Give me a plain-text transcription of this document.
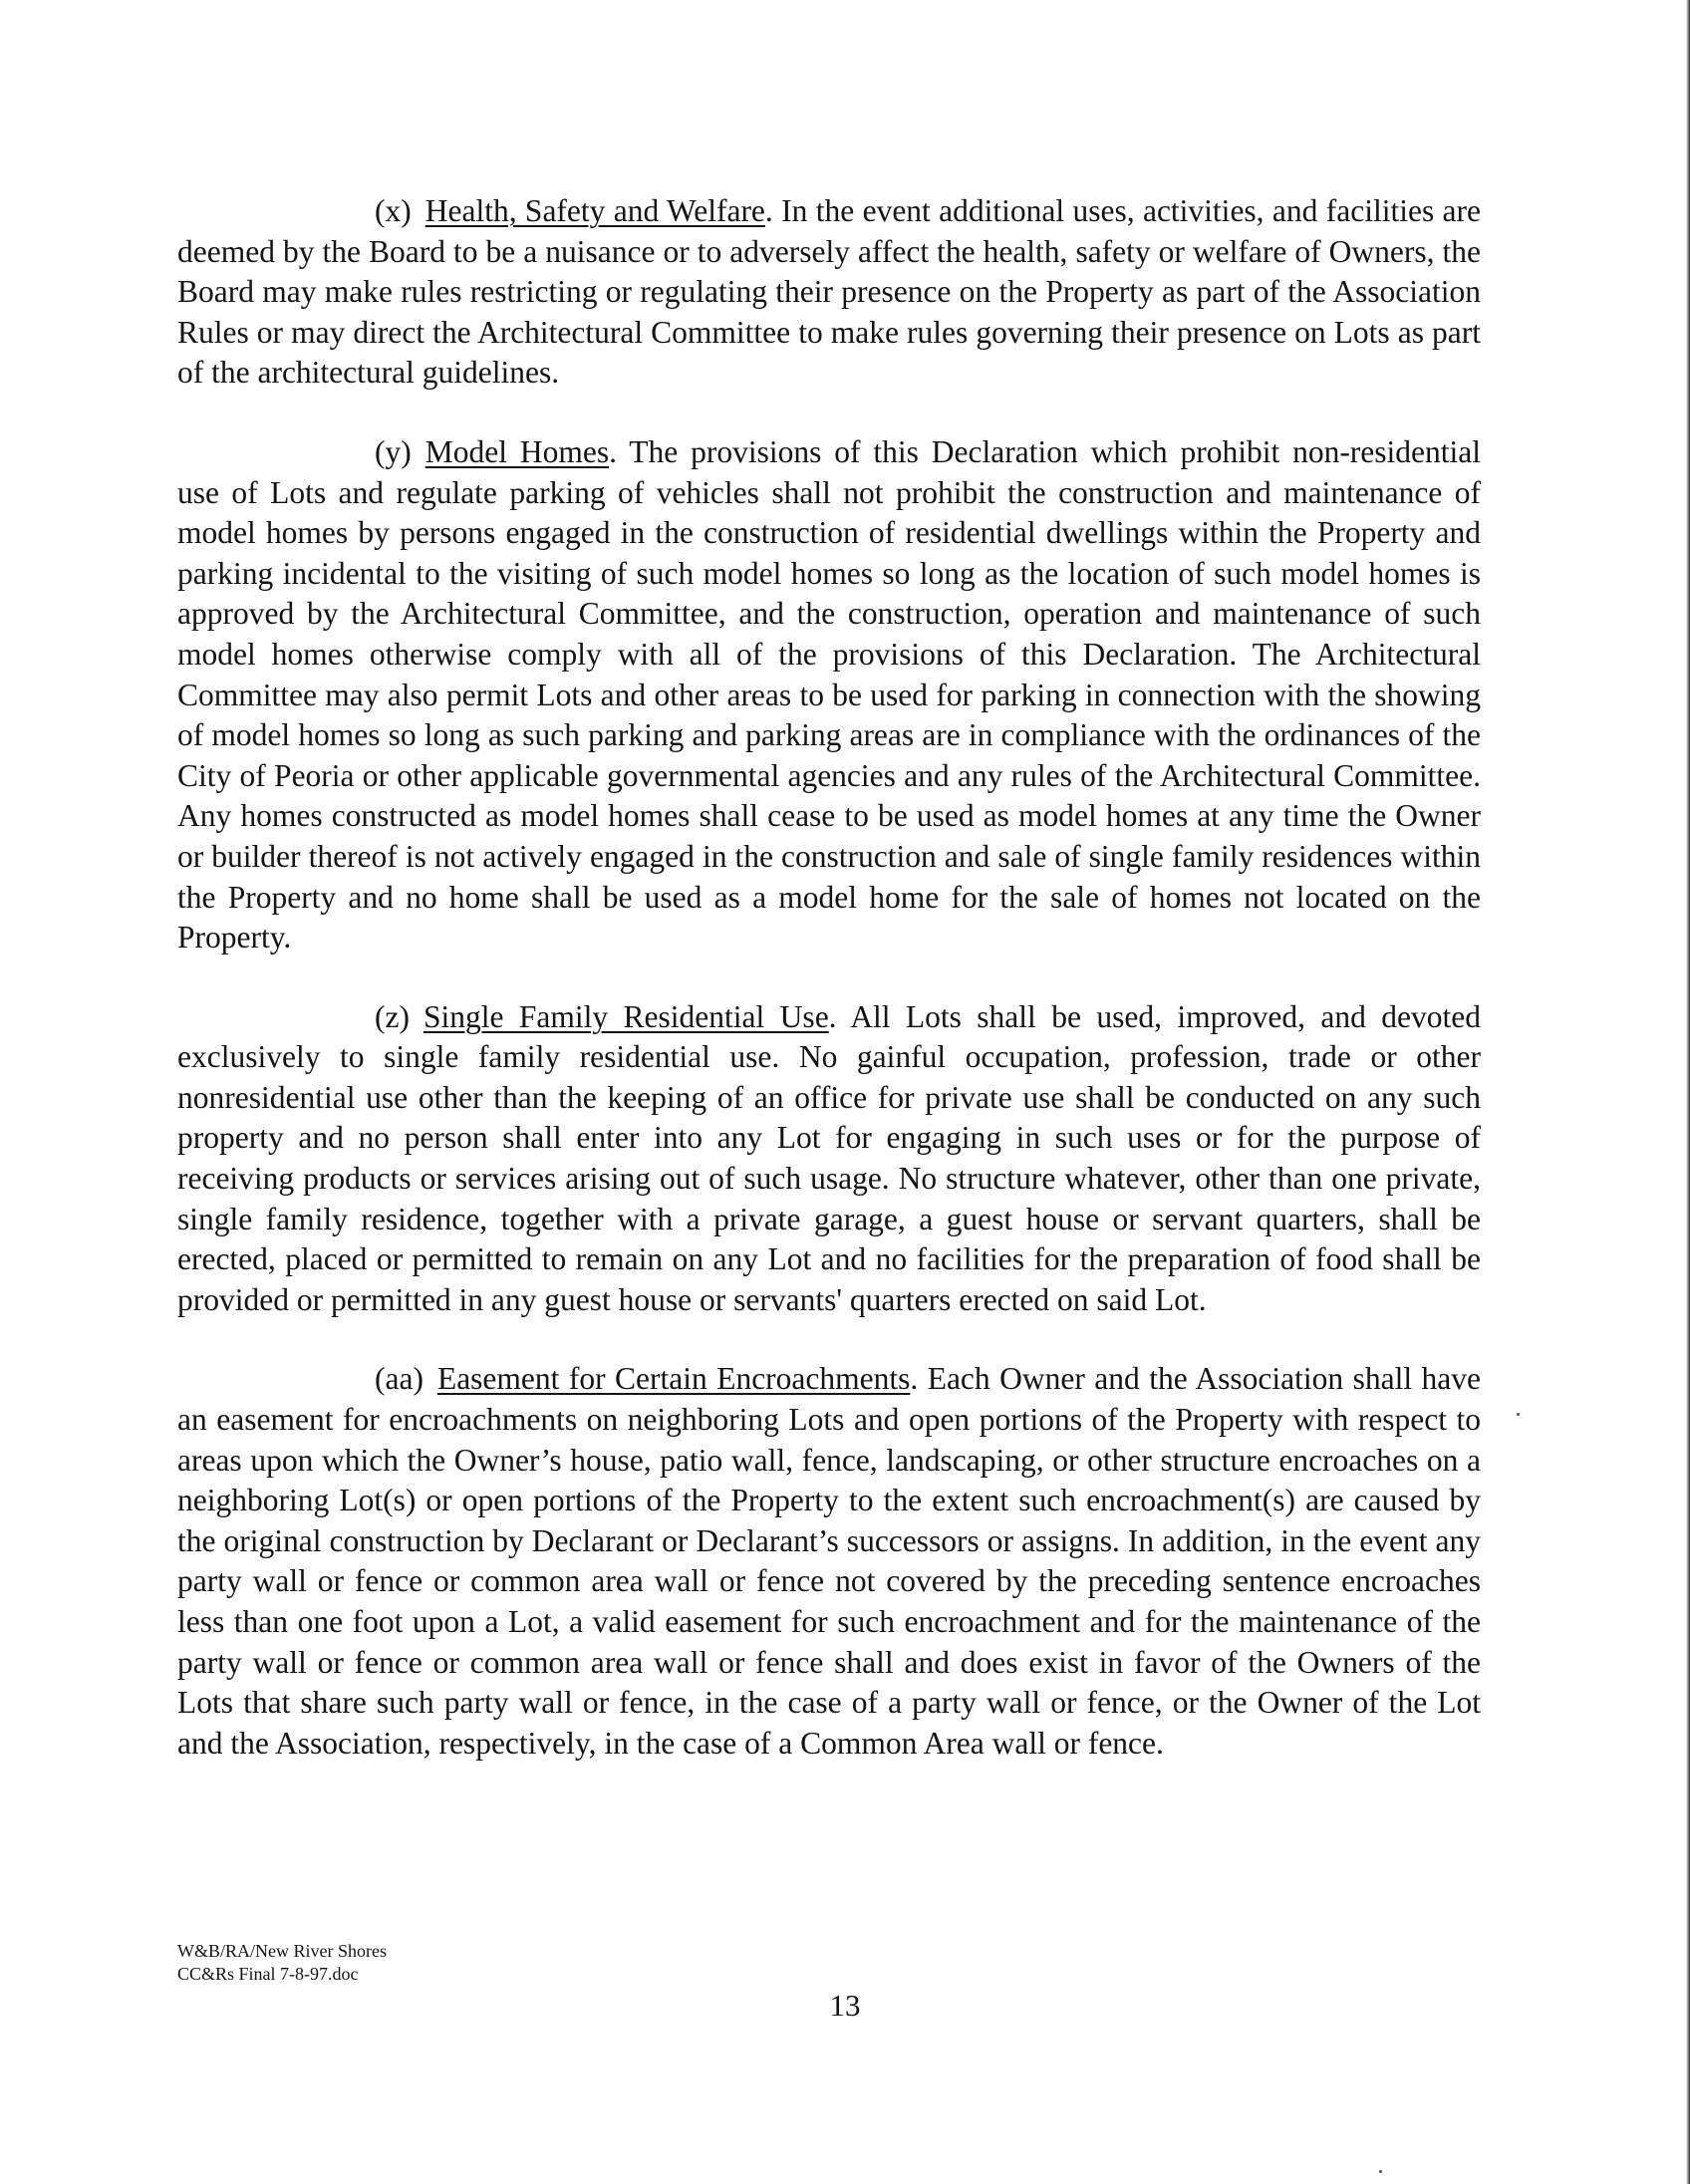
(x) Health, Safety and Welfare. In the event additional uses, activities, and facilities are deemed by the Board to be a nuisance or to adversely affect the health, safety or welfare of Owners, the Board may make rules restricting or regulating their presence on the Property as part of the Association Rules or may direct the Architectural Committee to make rules governing their presence on Lots as part of the architectural guidelines.

(y) Model Homes. The provisions of this Declaration which prohibit non-residential use of Lots and regulate parking of vehicles shall not prohibit the construction and maintenance of model homes by persons engaged in the construction of residential dwellings within the Property and parking incidental to the visiting of such model homes so long as the location of such model homes is approved by the Architectural Committee, and the construction, operation and maintenance of such model homes otherwise comply with all of the provisions of this Declaration. The Architectural Committee may also permit Lots and other areas to be used for parking in connection with the showing of model homes so long as such parking and parking areas are in compliance with the ordinances of the City of Peoria or other applicable governmental agencies and any rules of the Architectural Committee. Any homes constructed as model homes shall cease to be used as model homes at any time the Owner or builder thereof is not actively engaged in the construction and sale of single family residences within the Property and no home shall be used as a model home for the sale of homes not located on the Property.

(z) Single Family Residential Use. All Lots shall be used, improved, and devoted exclusively to single family residential use. No gainful occupation, profession, trade or other nonresidential use other than the keeping of an office for private use shall be conducted on any such property and no person shall enter into any Lot for engaging in such uses or for the purpose of receiving products or services arising out of such usage. No structure whatever, other than one private, single family residence, together with a private garage, a guest house or servant quarters, shall be erected, placed or permitted to remain on any Lot and no facilities for the preparation of food shall be provided or permitted in any guest house or servants' quarters erected on said Lot.

(aa) Easement for Certain Encroachments. Each Owner and the Association shall have an easement for encroachments on neighboring Lots and open portions of the Property with respect to areas upon which the Owner’s house, patio wall, fence, landscaping, or other structure encroaches on a neighboring Lot(s) or open portions of the Property to the extent such encroachment(s) are caused by the original construction by Declarant or Declarant’s successors or assigns. In addition, in the event any party wall or fence or common area wall or fence not covered by the preceding sentence encroaches less than one foot upon a Lot, a valid easement for such encroachment and for the maintenance of the party wall or fence or common area wall or fence shall and does exist in favor of the Owners of the Lots that share such party wall or fence, in the case of a party wall or fence, or the Owner of the Lot and the Association, respectively, in the case of a Common Area wall or fence.

W&B/RA/New River Shores
CC&Rs Final 7-8-97.doc
13
